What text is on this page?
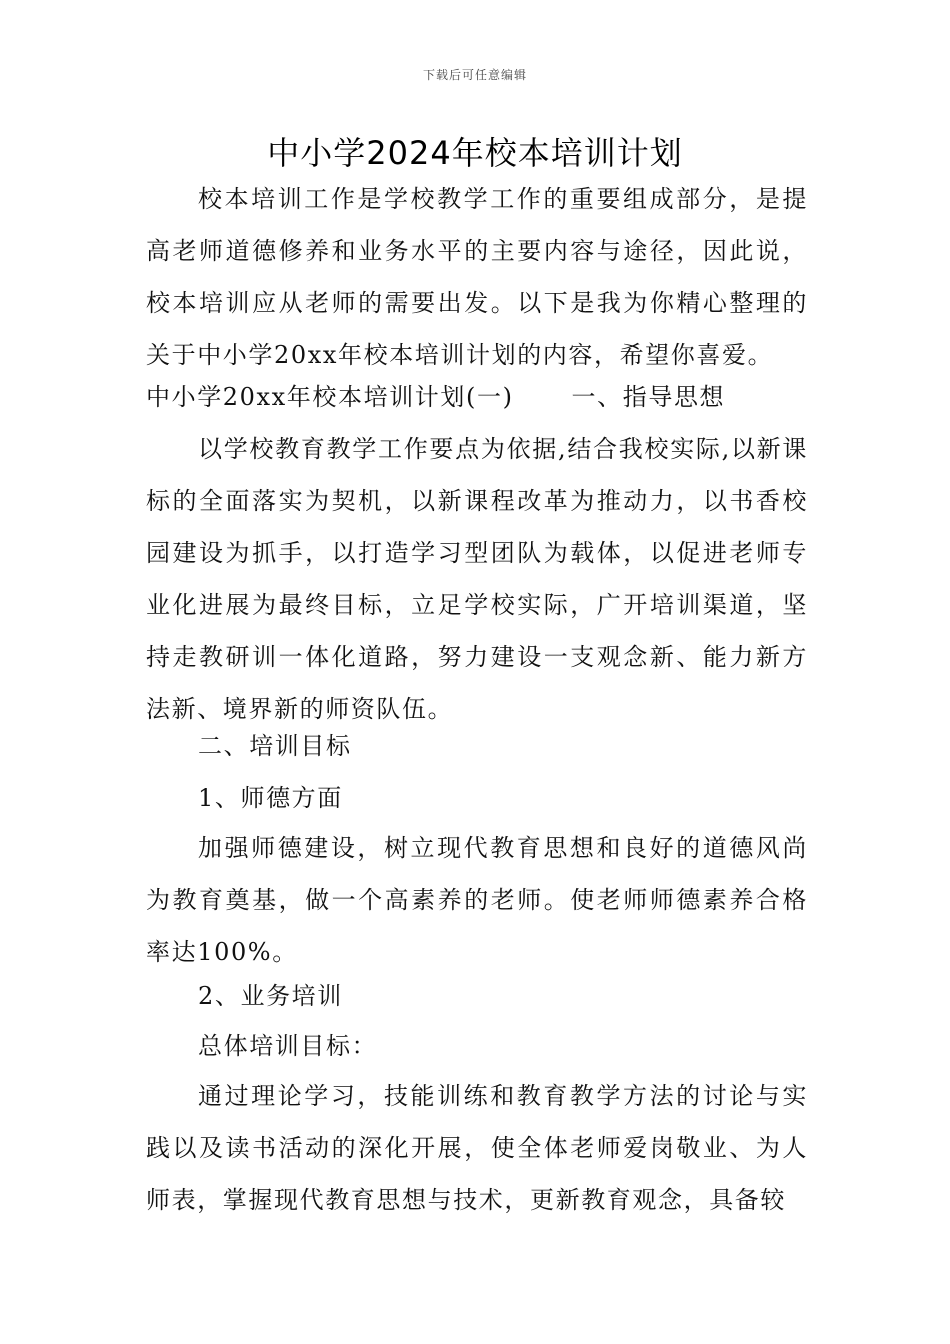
下载后可任意编辑
中小学2024年校本培训计划
校本培训工作是学校教学工作的重要组成部分，是提高老师道德修养和业务水平的主要内容与途径，因此说，校本培训应从老师的需要出发。以下是我为你精心整理的关于中小学20xx年校本培训计划的内容，希望你喜爱。
中小学20xx年校本培训计划(一) 一、指导思想
以学校教育教学工作要点为依据,结合我校实际,以新课标的全面落实为契机，以新课程改革为推动力，以书香校园建设为抓手，以打造学习型团队为载体，以促进老师专业化进展为最终目标，立足学校实际，广开培训渠道，坚持走教研训一体化道路，努力建设一支观念新、能力新方法新、境界新的师资队伍。
二、培训目标
1、师德方面
加强师德建设，树立现代教育思想和良好的道德风尚为教育奠基，做一个高素养的老师。使老师师德素养合格率达100%。
2、业务培训
总体培训目标：
通过理论学习，技能训练和教育教学方法的讨论与实践以及读书活动的深化开展，使全体老师爱岗敬业、为人师表，掌握现代教育思想与技术，更新教育观念，具备较
